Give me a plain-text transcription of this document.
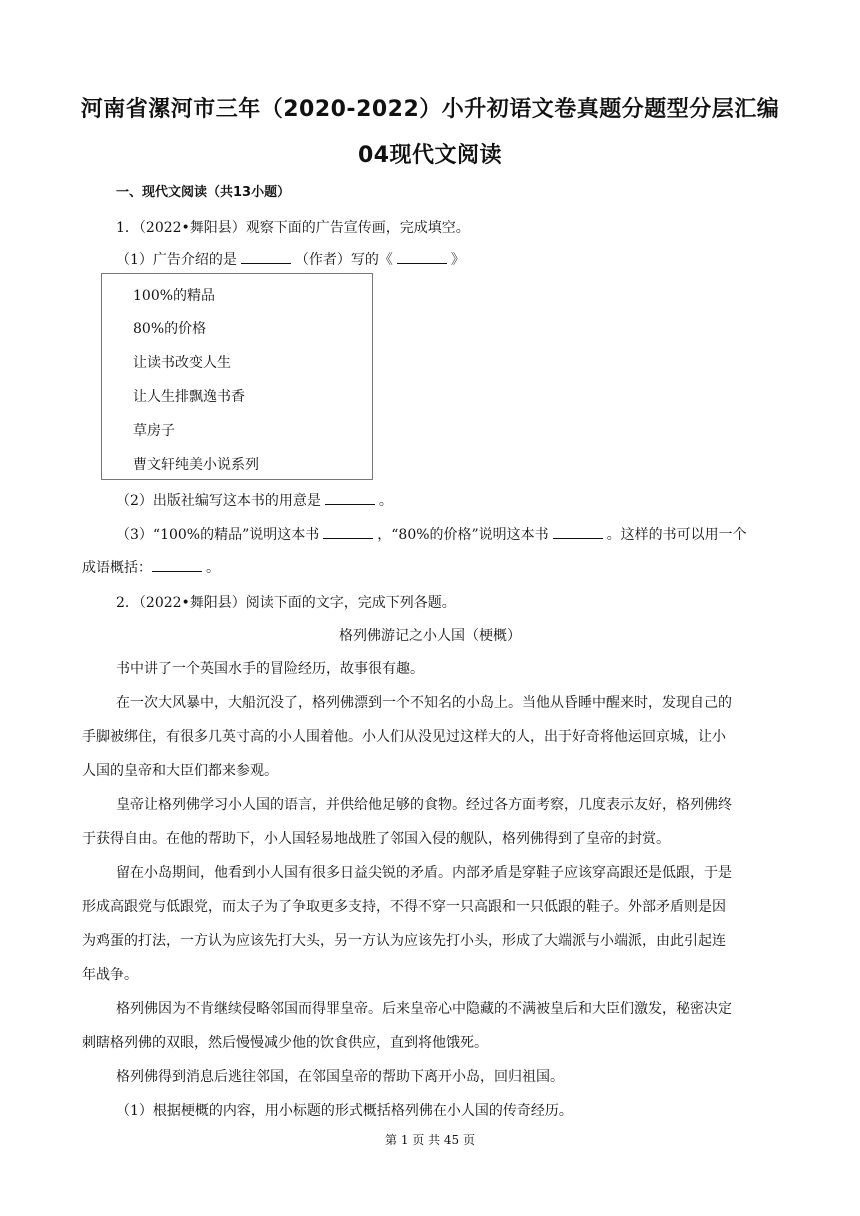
河南省漯河市三年（2020-2022）小升初语文卷真题分题型分层汇编
04现代文阅读

一、现代文阅读（共13小题）

1．（2022•舞阳县）观察下面的广告宣传画，完成填空。

（1）广告介绍的是	（作者）写的《	》

100%的精品
80%的价格
让读书改变人生
让人生排飘逸书香
草房子
曹文轩纯美小说系列

（2）出版社编写这本书的用意是	。

（3）“100%的精品”说明这本书	，“80%的价格”说明这本书	。这样的书可以用一个

成语概括：	。

2．（2022•舞阳县）阅读下面的文字，完成下列各题。

格列佛游记之小人国（梗概）

书中讲了一个英国水手的冒险经历，故事很有趣。

在一次大风暴中，大船沉没了，格列佛漂到一个不知名的小岛上。当他从昏睡中醒来时，发现自己的

手脚被绑住，有很多几英寸高的小人围着他。小人们从没见过这样大的人，出于好奇将他运回京城，让小

人国的皇帝和大臣们都来参观。

皇帝让格列佛学习小人国的语言，并供给他足够的食物。经过各方面考察，几度表示友好，格列佛终

于获得自由。在他的帮助下，小人国轻易地战胜了邻国入侵的舰队，格列佛得到了皇帝的封赏。

留在小岛期间，他看到小人国有很多日益尖锐的矛盾。内部矛盾是穿鞋子应该穿高跟还是低跟，于是

形成高跟党与低跟党，而太子为了争取更多支持，不得不穿一只高跟和一只低跟的鞋子。外部矛盾则是因

为鸡蛋的打法，一方认为应该先打大头，另一方认为应该先打小头，形成了大端派与小端派，由此引起连

年战争。

格列佛因为不肯继续侵略邻国而得罪皇帝。后来皇帝心中隐藏的不满被皇后和大臣们激发，秘密决定

刺瞎格列佛的双眼，然后慢慢减少他的饮食供应，直到将他饿死。

格列佛得到消息后逃往邻国，在邻国皇帝的帮助下离开小岛，回归祖国。

（1）根据梗概的内容，用小标题的形式概括格列佛在小人国的传奇经历。

第 1 页 共 45 页
